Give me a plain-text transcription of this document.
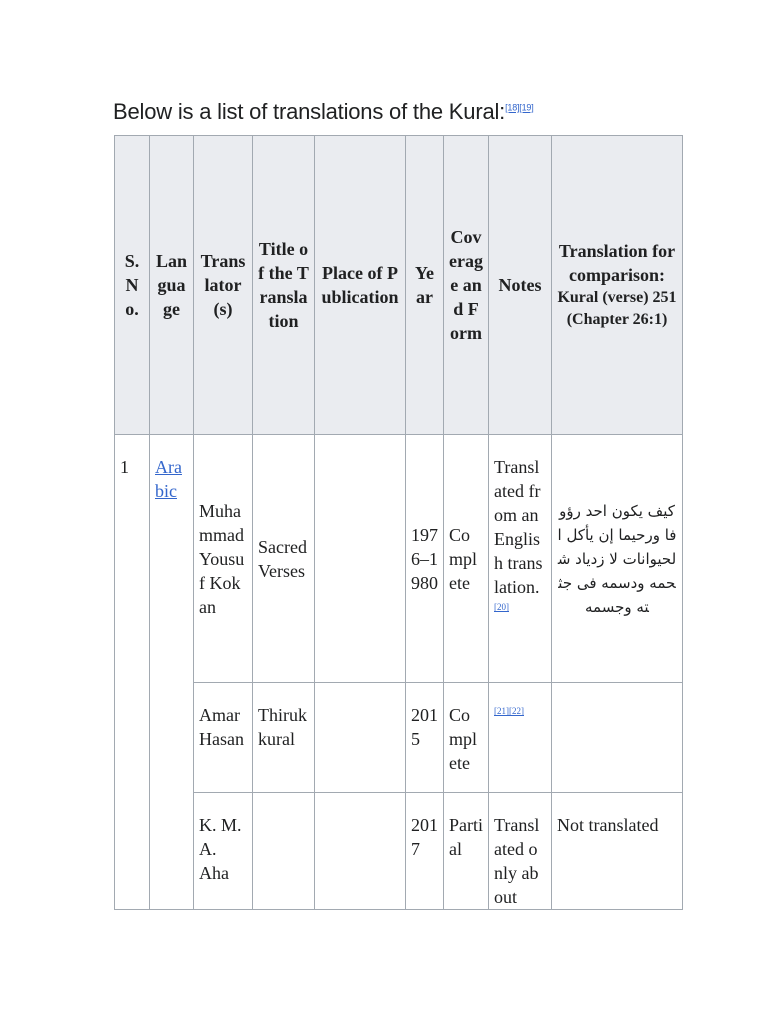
Below is a list of translations of the Kural:[18][19]
S.No.	Language	Translator(s)	Title of the Translation	Place of Publication	Year	Coverage and Form	Notes	Translation for comparison:
Kural (verse) 251 (Chapter 26:1)

1	Arabic	Muhammad Yousuf Kokan	Sacred Verses		1976–1980	Complete	Translated from an English translation.[20]	كيف يكون احد رؤوفا ورحيما إن يأكل الحيوانات لا زدياد شحمه ودسمه فى جثته وجسمه
		Amar Hasan	Thirukkural		2015	Complete	[21][22]	
		K. M. A. Aha			2017	Partial	Translated only about	Not translated
